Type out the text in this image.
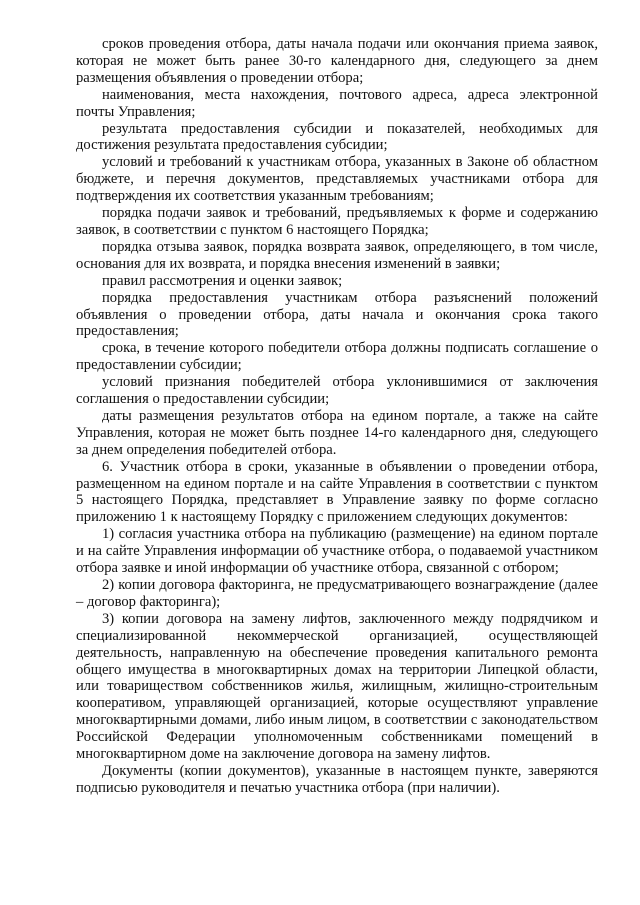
сроков проведения отбора, даты начала подачи или окончания приема заявок, которая не может быть ранее 30-го календарного дня, следующего за днем размещения объявления о проведении отбора;

наименования, места нахождения, почтового адреса, адреса электронной почты Управления;

результата предоставления субсидии и показателей, необходимых для достижения результата предоставления субсидии;

условий и требований к участникам отбора, указанных в Законе об областном бюджете, и перечня документов, представляемых участниками отбора для подтверждения их соответствия указанным требованиям;

порядка подачи заявок и требований, предъявляемых к форме и содержанию заявок, в соответствии с пунктом 6 настоящего Порядка;

порядка отзыва заявок, порядка возврата заявок, определяющего, в том числе, основания для их возврата, и порядка внесения изменений в заявки;

правил рассмотрения и оценки заявок;

порядка предоставления участникам отбора разъяснений положений объявления о проведении отбора, даты начала и окончания срока такого предоставления;

срока, в течение которого победители отбора должны подписать соглашение о предоставлении субсидии;

условий признания победителей отбора уклонившимися от заключения соглашения о предоставлении субсидии;

даты размещения результатов отбора на едином портале, а также на сайте Управления, которая не может быть позднее 14-го календарного дня, следующего за днем определения победителей отбора.

6. Участник отбора в сроки, указанные в объявлении о проведении отбора, размещенном на едином портале и на сайте Управления в соответствии с пунктом 5 настоящего Порядка, представляет в Управление заявку по форме согласно приложению 1 к настоящему Порядку с приложением следующих документов:

1) согласия участника отбора на публикацию (размещение) на едином портале и на сайте Управления информации об участнике отбора, о подаваемой участником отбора заявке и иной информации об участнике отбора, связанной с отбором;

2) копии договора факторинга, не предусматривающего вознаграждение (далее – договор факторинга);

3) копии договора на замену лифтов, заключенного между подрядчиком и специализированной некоммерческой организацией, осуществляющей деятельность, направленную на обеспечение проведения капитального ремонта общего имущества в многоквартирных домах на территории Липецкой области, или товариществом собственников жилья, жилищным, жилищно-строительным кооперативом, управляющей организацией, которые осуществляют управление многоквартирными домами, либо иным лицом, в соответствии с законодательством Российской Федерации уполномоченным собственниками помещений в многоквартирном доме на заключение договора на замену лифтов.

Документы (копии документов), указанные в настоящем пункте, заверяются подписью руководителя и печатью участника отбора (при наличии).
